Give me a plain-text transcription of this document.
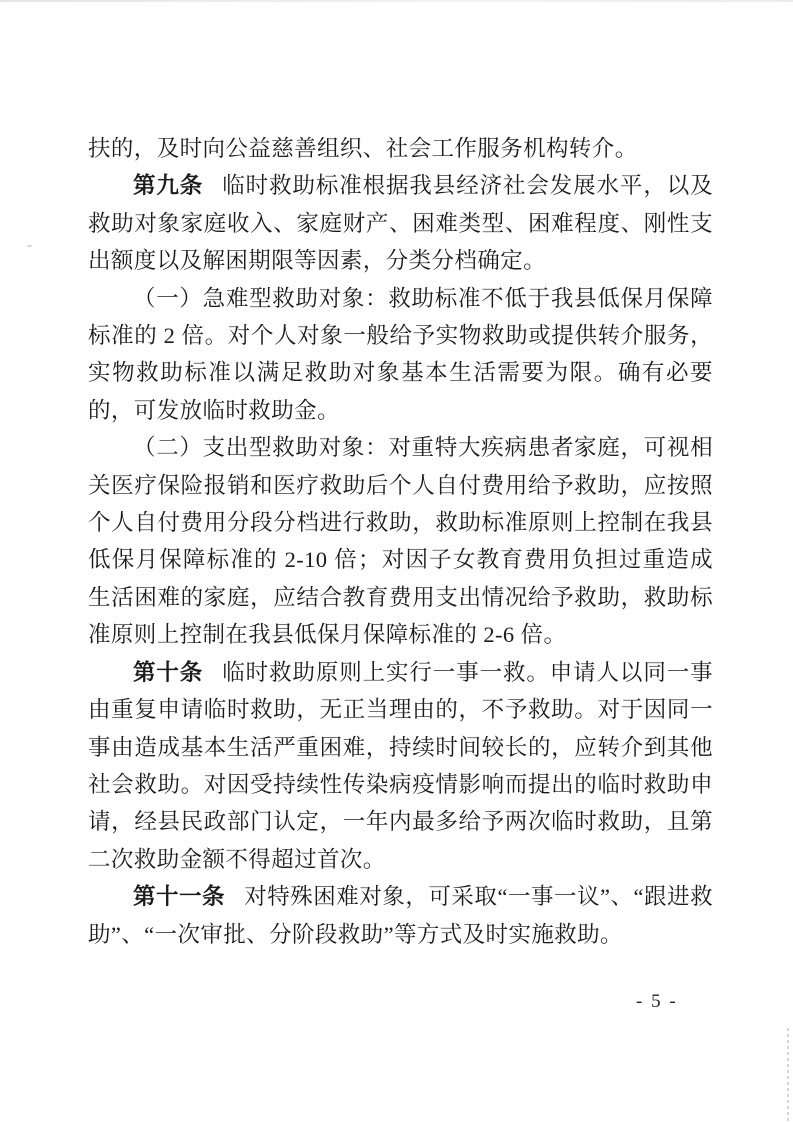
扶的，及时向公益慈善组织、社会工作服务机构转介。

第九条 临时救助标准根据我县经济社会发展水平，以及救助对象家庭收入、家庭财产、困难类型、困难程度、刚性支出额度以及解困期限等因素，分类分档确定。

（一）急难型救助对象：救助标准不低于我县低保月保障标准的 2 倍。对个人对象一般给予实物救助或提供转介服务，实物救助标准以满足救助对象基本生活需要为限。确有必要的，可发放临时救助金。

（二）支出型救助对象：对重特大疾病患者家庭，可视相关医疗保险报销和医疗救助后个人自付费用给予救助，应按照个人自付费用分段分档进行救助，救助标准原则上控制在我县低保月保障标准的 2-10 倍；对因子女教育费用负担过重造成生活困难的家庭，应结合教育费用支出情况给予救助，救助标准原则上控制在我县低保月保障标准的 2-6 倍。

第十条 临时救助原则上实行一事一救。申请人以同一事由重复申请临时救助，无正当理由的，不予救助。对于因同一事由造成基本生活严重困难，持续时间较长的，应转介到其他社会救助。对因受持续性传染病疫情影响而提出的临时救助申请，经县民政部门认定，一年内最多给予两次临时救助，且第二次救助金额不得超过首次。

第十一条 对特殊困难对象，可采取“一事一议”、“跟进救助”、“一次审批、分阶段救助”等方式及时实施救助。

- 5 -
